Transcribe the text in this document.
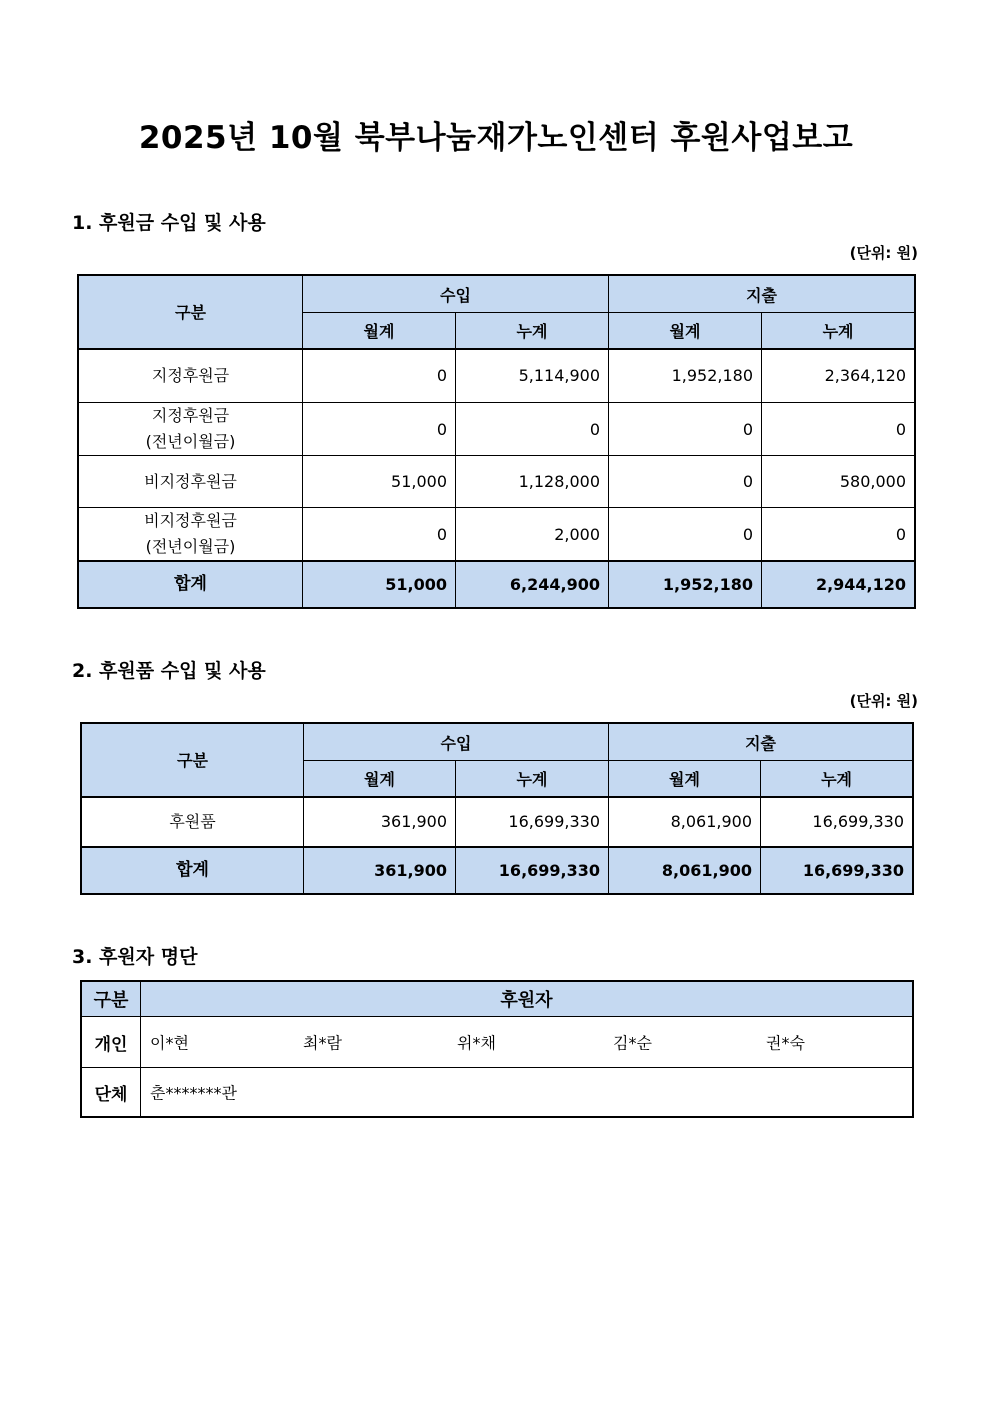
2025년 10월 북부나눔재가노인센터 후원사업보고
1. 후원금 수입 및 사용
(단위: 원)
구분	수입		지출	
	월계	누계	월계	누계
지정후원금	0	5,114,900	1,952,180	2,364,120
지정후원금
(전년이월금)	0	0	0	0
비지정후원금	51,000	1,128,000	0	580,000
비지정후원금
(전년이월금)	0	2,000	0	0
합계	51,000	6,244,900	1,952,180	2,944,120
2. 후원품 수입 및 사용
(단위: 원)
구분	수입		지출	
	월계	누계	월계	누계
후원품	361,900	16,699,330	8,061,900	16,699,330
합계	361,900	16,699,330	8,061,900	16,699,330
3. 후원자 명단
구분	후원자
개인	이*현 최*람 위*채 김*순 권*숙

단체	춘*******관
